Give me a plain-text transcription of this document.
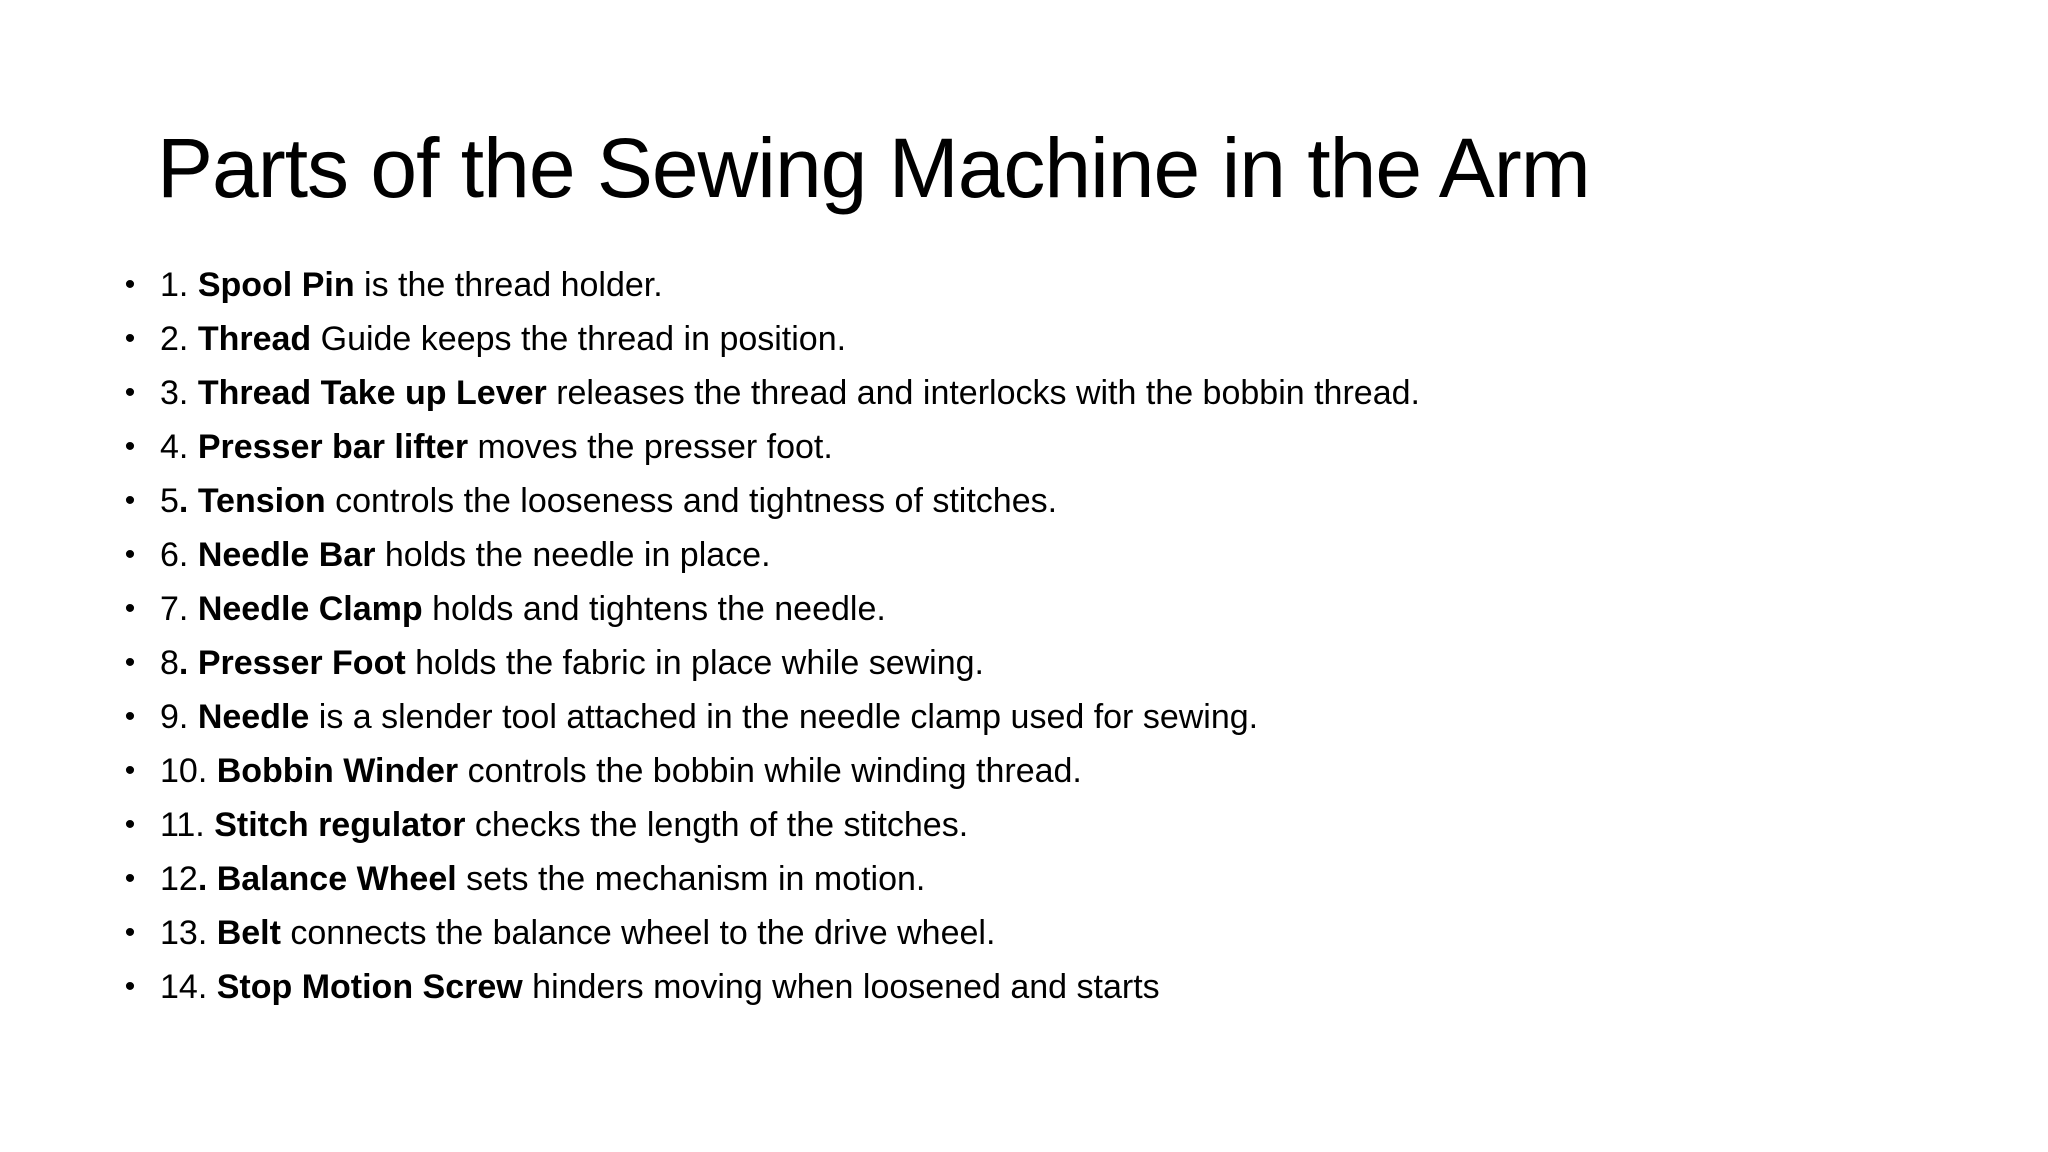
Parts of the Sewing Machine in the Arm
• 1. Spool Pin is the thread holder.
• 2. Thread Guide keeps the thread in position.
• 3. Thread Take up Lever releases the thread and interlocks with the bobbin thread.
• 4. Presser bar lifter moves the presser foot.
• 5. Tension controls the looseness and tightness of stitches.
• 6. Needle Bar holds the needle in place.
• 7. Needle Clamp holds and tightens the needle.
• 8. Presser Foot holds the fabric in place while sewing.
• 9. Needle is a slender tool attached in the needle clamp used for sewing.
• 10. Bobbin Winder controls the bobbin while winding thread.
• 11. Stitch regulator checks the length of the stitches.
• 12. Balance Wheel sets the mechanism in motion.
• 13. Belt connects the balance wheel to the drive wheel.
• 14. Stop Motion Screw hinders moving when loosened and starts
